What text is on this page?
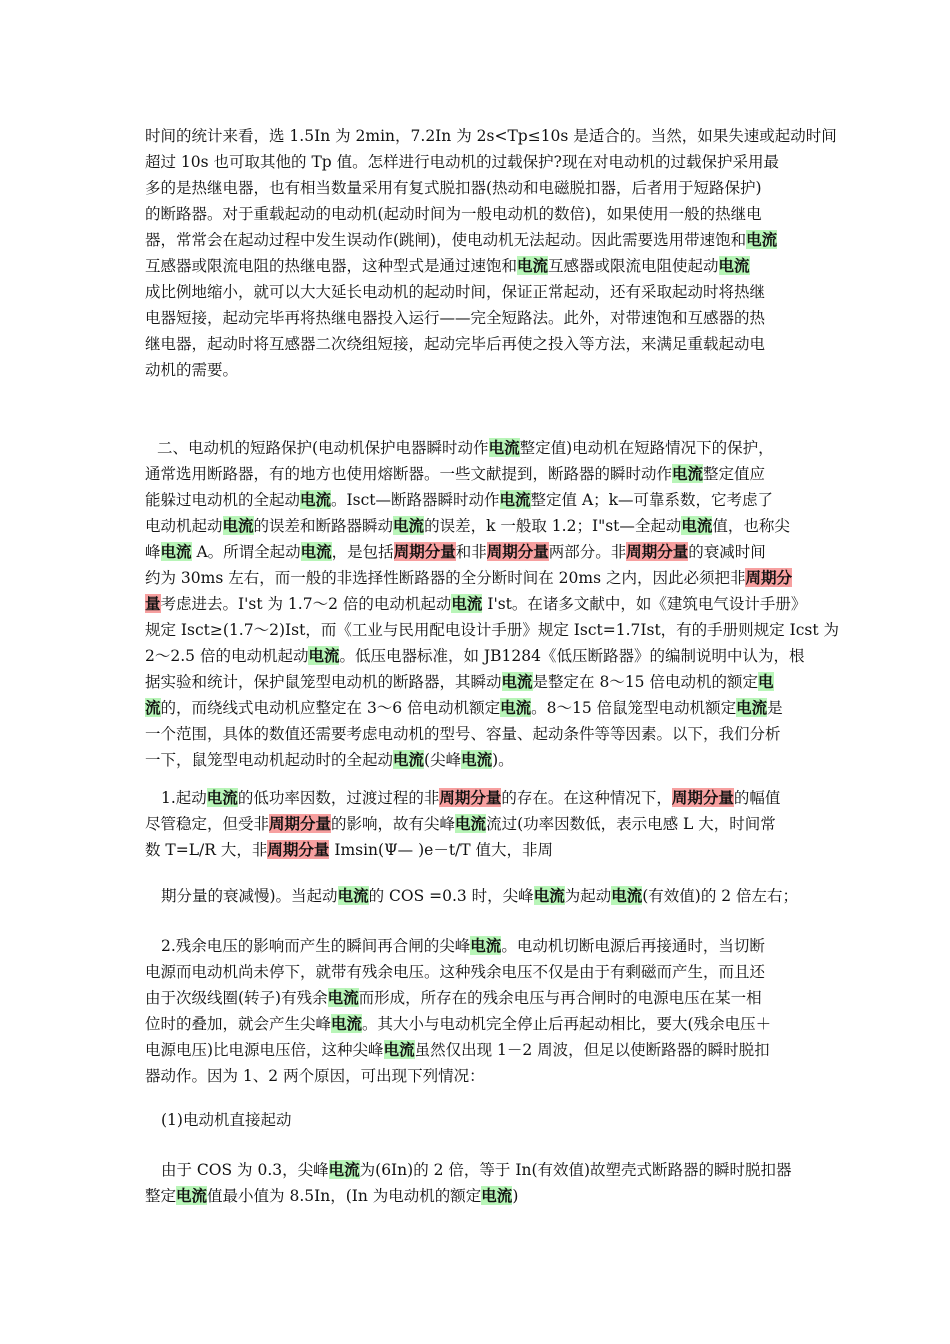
时间的统计来看，选 1.5In 为 2min，7.2In 为 2s<Tp≤10s 是适合的。当然，如果失速或起动时间
超过 10s 也可取其他的 Tp 值。怎样进行电动机的过载保护?现在对电动机的过载保护采用最
多的是热继电器，也有相当数量采用有复式脱扣器(热动和电磁脱扣器，后者用于短路保护)
的断路器。对于重载起动的电动机(起动时间为一般电动机的数倍)，如果使用一般的热继电
器，常常会在起动过程中发生误动作(跳闸)，使电动机无法起动。因此需要选用带速饱和电流
互感器或限流电阻的热继电器，这种型式是通过速饱和电流互感器或限流电阻使起动电流
成比例地缩小，就可以大大延长电动机的起动时间，保证正常起动，还有采取起动时将热继
电器短接，起动完毕再将热继电器投入运行——完全短路法。此外，对带速饱和互感器的热
继电器，起动时将互感器二次绕组短接，起动完毕后再使之投入等方法，来满足重载起动电
动机的需要。
二、电动机的短路保护(电动机保护电器瞬时动作电流整定值)电动机在短路情况下的保护，
通常选用断路器，有的地方也使用熔断器。一些文献提到，断路器的瞬时动作电流整定值应
能躲过电动机的全起动电流。Isct—断路器瞬时动作电流整定值 A；k—可靠系数，它考虑了
电动机起动电流的误差和断路器瞬动电流的误差，k 一般取 1.2；I"st—全起动电流值，也称尖
峰电流 A。所谓全起动电流，是包括周期分量和非周期分量两部分。非周期分量的衰减时间
约为 30ms 左右，而一般的非选择性断路器的全分断时间在 20ms 之内，因此必须把非周期分
量考虑进去。I'st 为 1.7～2 倍的电动机起动电流 I'st。在诸多文献中，如《建筑电气设计手册》
规定 Isct≥(1.7～2)Ist，而《工业与民用配电设计手册》规定 Isct=1.7Ist，有的手册则规定 Icst 为
2～2.5 倍的电动机起动电流。低压电器标准，如 JB1284《低压断路器》的编制说明中认为，根
据实验和统计，保护鼠笼型电动机的断路器，其瞬动电流是整定在 8～15 倍电动机的额定电
流的，而绕线式电动机应整定在 3～6 倍电动机额定电流。8～15 倍鼠笼型电动机额定电流是
一个范围，具体的数值还需要考虑电动机的型号、容量、起动条件等等因素。以下，我们分析
一下，鼠笼型电动机起动时的全起动电流(尖峰电流)。
1.起动电流的低功率因数，过渡过程的非周期分量的存在。在这种情况下，周期分量的幅值
尽管稳定，但受非周期分量的影响，故有尖峰电流流过(功率因数低，表示电感 L 大，时间常
数 T=L/R 大，非周期分量 Imsin(Ψ— )e－t/T 值大，非周
期分量的衰减慢)。当起动电流的 COS =0.3 时，尖峰电流为起动电流(有效值)的 2 倍左右；
2.残余电压的影响而产生的瞬间再合闸的尖峰电流。电动机切断电源后再接通时，当切断
电源而电动机尚未停下，就带有残余电压。这种残余电压不仅是由于有剩磁而产生，而且还
由于次级线圈(转子)有残余电流而形成，所存在的残余电压与再合闸时的电源电压在某一相
位时的叠加，就会产生尖峰电流。其大小与电动机完全停止后再起动相比，要大(残余电压＋
电源电压)比电源电压倍，这种尖峰电流虽然仅出现 1－2 周波，但足以使断路器的瞬时脱扣
器动作。因为 1、2 两个原因，可出现下列情况：
(1)电动机直接起动
由于 COS 为 0.3，尖峰电流为(6In)的 2 倍，等于 In(有效值)故塑壳式断路器的瞬时脱扣器
整定电流值最小值为 8.5In，(In 为电动机的额定电流)
